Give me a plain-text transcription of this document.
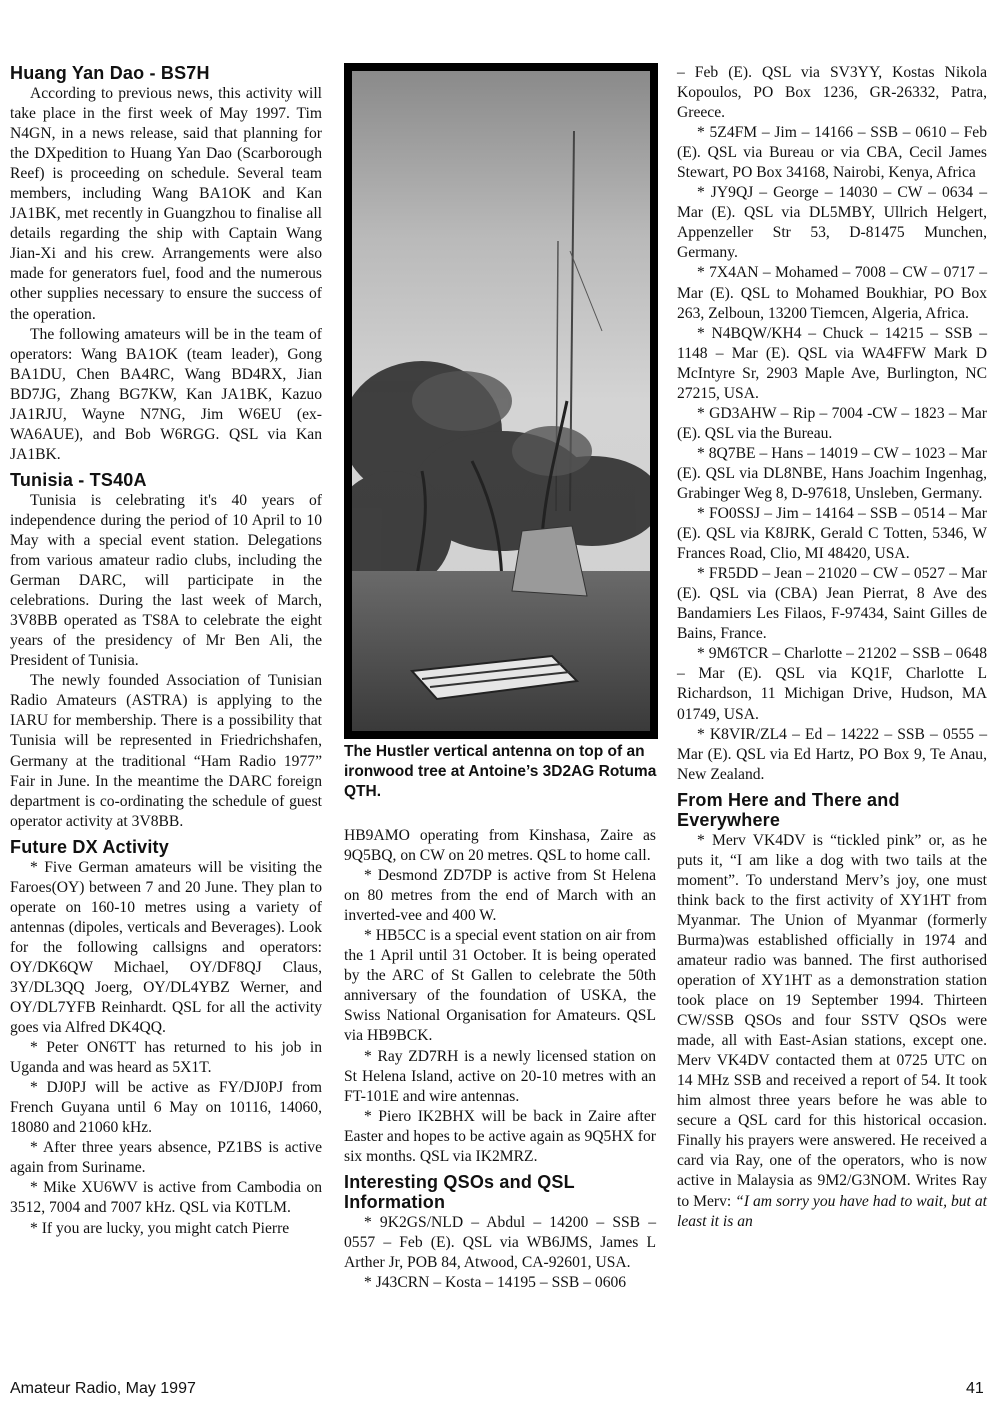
Huang Yan Dao - BS7H

According to previous news, this activity will take place in the first week of May 1997. Tim N4GN, in a news release, said that planning for the DXpedition to Huang Yan Dao (Scarborough Reef) is proceeding on schedule. Several team members, including Wang BA1OK and Kan JA1BK, met recently in Guangzhou to finalise all details regarding the ship with Captain Wang Jian-Xi and his crew. Arrangements were also made for generators fuel, food and the numerous other supplies necessary to ensure the success of the operation.

The following amateurs will be in the team of operators: Wang BA1OK (team leader), Gong BA1DU, Chen BA4RC, Wang BD4RX, Jian BD7JG, Zhang BG7KW, Kan JA1BK, Kazuo JA1RJU, Wayne N7NG, Jim W6EU (ex-WA6AUE), and Bob W6RGG. QSL via Kan JA1BK.

Tunisia - TS40A

Tunisia is celebrating it's 40 years of independence during the period of 10 April to 10 May with a special event station. Delegations from various amateur radio clubs, including the German DARC, will participate in the celebrations. During the last week of March, 3V8BB operated as TS8A to celebrate the eight years of the presidency of Mr Ben Ali, the President of Tunisia.

The newly founded Association of Tunisian Radio Amateurs (ASTRA) is applying to the IARU for membership. There is a possibility that Tunisia will be represented in Friedrichshafen, Germany at the traditional “Ham Radio 1977” Fair in June. In the meantime the DARC foreign department is co-ordinating the schedule of guest operator activity at 3V8BB.

Future DX Activity

* Five German amateurs will be visiting the Faroes(OY) between 7 and 20 June. They plan to operate on 160-10 metres using a variety of antennas (dipoles, verticals and Beverages). Look for the following callsigns and operators: OY/DK6QW Michael, OY/DF8QJ Claus, 3Y/DL3QQ Joerg, OY/DL4YBZ Werner, and OY/DL7YFB Reinhardt. QSL for all the activity goes via Alfred DK4QQ.

* Peter ON6TT has returned to his job in Uganda and was heard as 5X1T.

* DJ0PJ will be active as FY/DJ0PJ from French Guyana until 6 May on 10116, 14060, 18080 and 21060 kHz.

* After three years absence, PZ1BS is active again from Suriname.

* Mike XU6WV is active from Cambodia on 3512, 7004 and 7007 kHz. QSL via K0TLM.

* If you are lucky, you might catch Pierre

The Hustler vertical antenna on top of an ironwood tree at Antoine’s 3D2AG Rotuma QTH.

HB9AMO operating from Kinshasa, Zaire as 9Q5BQ, on CW on 20 metres. QSL to home call.

* Desmond ZD7DP is active from St Helena on 80 metres from the end of March with an inverted-vee and 400 W.

* HB5CC is a special event station on air from the 1 April until 31 October. It is being operated by the ARC of St Gallen to celebrate the 50th anniversary of the foundation of USKA, the Swiss National Organisation for Amateurs. QSL via HB9BCK.

* Ray ZD7RH is a newly licensed station on St Helena Island, active on 20-10 metres with an FT-101E and wire antennas.

* Piero IK2BHX will be back in Zaire after Easter and hopes to be active again as 9Q5HX for six months. QSL via IK2MRZ.

Interesting QSOs and QSL Information

* 9K2GS/NLD – Abdul – 14200 – SSB – 0557 – Feb (E). QSL via WB6JMS, James L Arther Jr, POB 84, Atwood, CA-92601, USA.

* J43CRN – Kosta – 14195 – SSB – 0606

– Feb (E). QSL via SV3YY, Kostas Nikola Kopoulos, PO Box 1236, GR-26332, Patra, Greece.

* 5Z4FM – Jim – 14166 – SSB – 0610 – Feb (E). QSL via Bureau or via CBA, Cecil James Stewart, PO Box 34168, Nairobi, Kenya, Africa

* JY9QJ – George – 14030 – CW – 0634 – Mar (E). QSL via DL5MBY, Ullrich Helgert, Appenzeller Str 53, D-81475 Munchen, Germany.

* 7X4AN – Mohamed – 7008 – CW – 0717 – Mar (E). QSL to Mohamed Boukhiar, PO Box 263, Zelboun, 13200 Tiemcen, Algeria, Africa.

* N4BQW/KH4 – Chuck – 14215 – SSB – 1148 – Mar (E). QSL via WA4FFW Mark D McIntyre Sr, 2903 Maple Ave, Burlington, NC 27215, USA.

* GD3AHW – Rip – 7004 -CW – 1823 – Mar (E). QSL via the Bureau.

* 8Q7BE – Hans – 14019 – CW – 1023 – Mar (E). QSL via DL8NBE, Hans Joachim Ingenhag, Grabinger Weg 8, D-97618, Unsleben, Germany.

* FO0SSJ – Jim – 14164 – SSB – 0514 – Mar (E). QSL via K8JRK, Gerald C Totten, 5346, W Frances Road, Clio, MI 48420, USA.

* FR5DD – Jean – 21020 – CW – 0527 – Mar (E). QSL via (CBA) Jean Pierrat, 8 Ave des Bandamiers Les Filaos, F-97434, Saint Gilles de Bains, France.

* 9M6TCR – Charlotte – 21202 – SSB – 0648 – Mar (E). QSL via KQ1F, Charlotte L Richardson, 11 Michigan Drive, Hudson, MA 01749, USA.

* K8VIR/ZL4 – Ed – 14222 – SSB – 0555 – Mar (E). QSL via Ed Hartz, PO Box 9, Te Anau, New Zealand.

From Here and There and Everywhere

* Merv VK4DV is “tickled pink” or, as he puts it, “I am like a dog with two tails at the moment”. To understand Merv’s joy, one must think back to the first activity of XY1HT from Myanmar. The Union of Myanmar (formerly Burma)was established officially in 1974 and amateur radio was banned. The first authorised operation of XY1HT as a demonstration station took place on 19 September 1994. Thirteen CW/SSB QSOs and four SSTV QSOs were made, all with East-Asian stations, except one. Merv VK4DV contacted them at 0725 UTC on 14 MHz SSB and received a report of 54. It took him almost three years before he was able to secure a QSL card for this historical occasion. Finally his prayers were answered. He received a card via Ray, one of the operators, who is now active in Malaysia as 9M2/G3NOM. Writes Ray to Merv: “I am sorry you have had to wait, but at least it is an

Amateur Radio, May 1997	41
